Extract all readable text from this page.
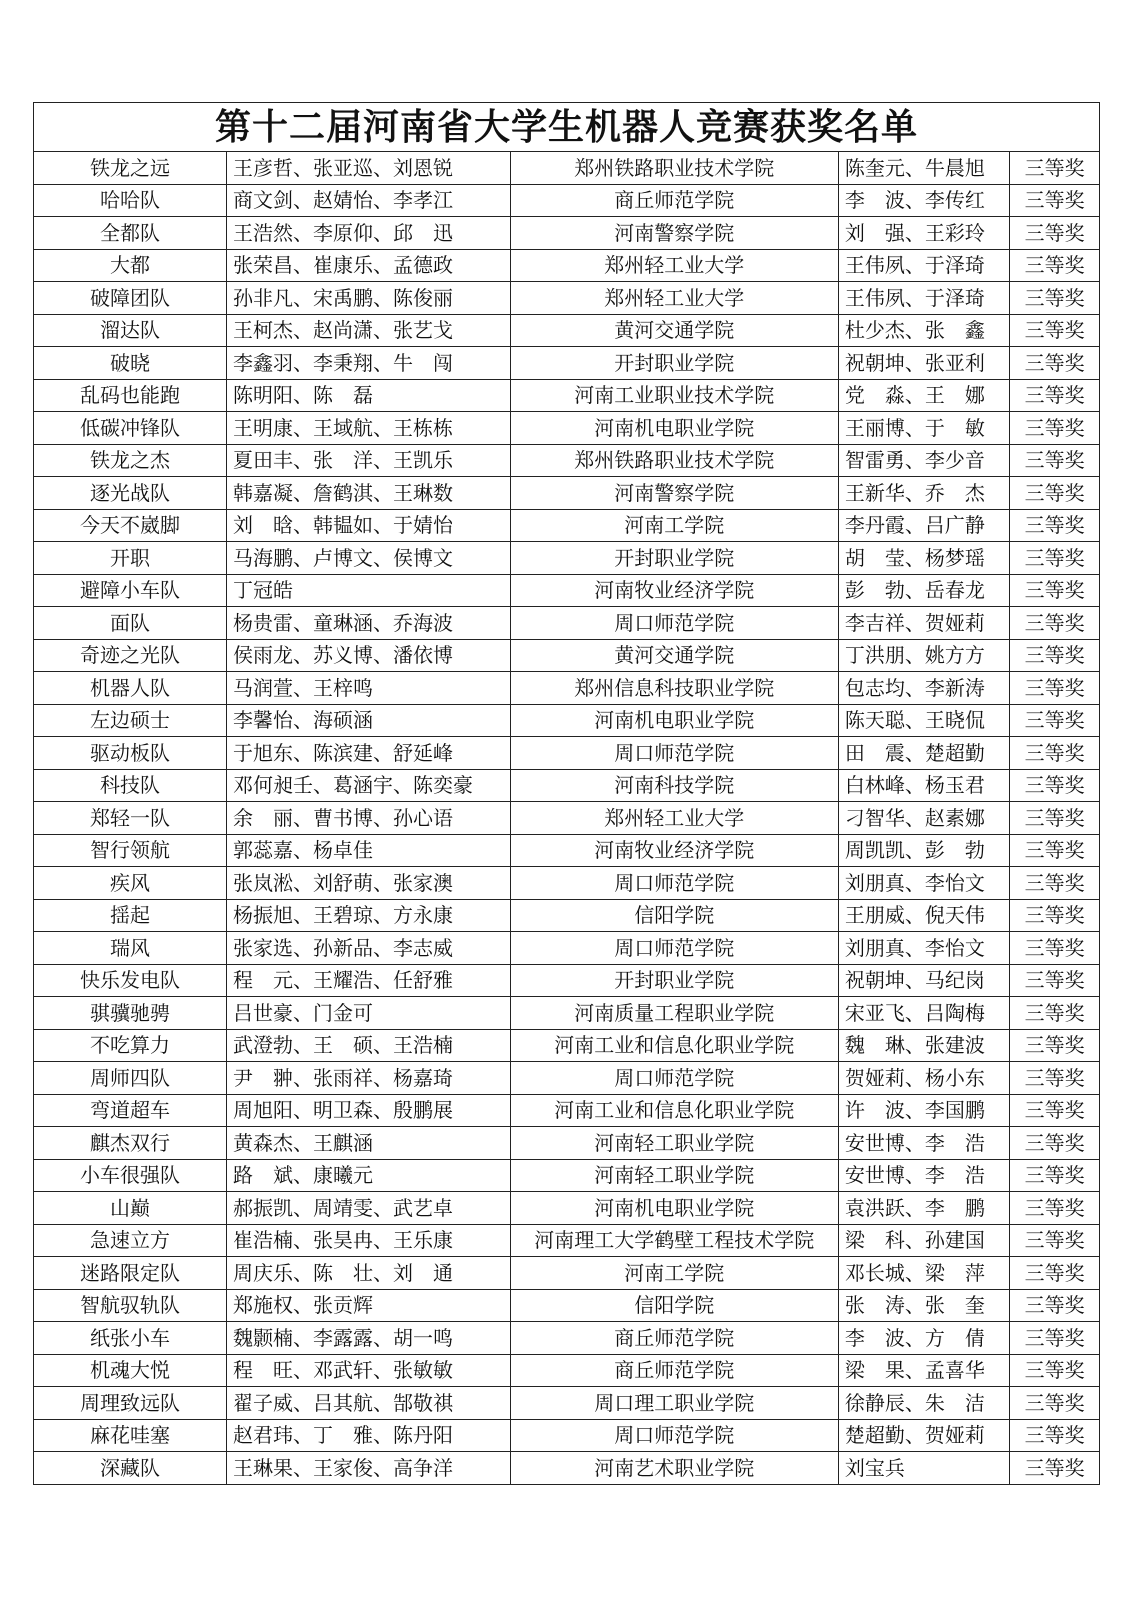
第十二届河南省大学生机器人竞赛获奖名单				
铁龙之远	王彦哲、张亚巡、刘恩锐	郑州铁路职业技术学院	陈奎元、牛晨旭	三等奖
哈哈队	商文剑、赵婧怡、李孝江	商丘师范学院	李　波、李传红	三等奖
全都队	王浩然、李原仰、邱　迅	河南警察学院	刘　强、王彩玲	三等奖
大都	张荣昌、崔康乐、孟德政	郑州轻工业大学	王伟夙、于泽琦	三等奖
破障团队	孙非凡、宋禹鹏、陈俊丽	郑州轻工业大学	王伟夙、于泽琦	三等奖
溜达队	王柯杰、赵尚潇、张艺戈	黄河交通学院	杜少杰、张　鑫	三等奖
破晓	李鑫羽、李秉翔、牛　闯	开封职业学院	祝朝坤、张亚利	三等奖
乱码也能跑	陈明阳、陈　磊	河南工业职业技术学院	党　淼、王　娜	三等奖
低碳冲锋队	王明康、王域航、王栋栋	河南机电职业学院	王丽博、于　敏	三等奖
铁龙之杰	夏田丰、张　洋、王凯乐	郑州铁路职业技术学院	智雷勇、李少音	三等奖
逐光战队	韩嘉凝、詹鹤淇、王琳数	河南警察学院	王新华、乔　杰	三等奖
今天不崴脚	刘　晗、韩韫如、于婧怡	河南工学院	李丹霞、吕广静	三等奖
开职	马海鹏、卢博文、侯博文	开封职业学院	胡　莹、杨梦瑶	三等奖
避障小车队	丁冠皓	河南牧业经济学院	彭　勃、岳春龙	三等奖
面队	杨贵雷、童琳涵、乔海波	周口师范学院	李吉祥、贺娅莉	三等奖
奇迹之光队	侯雨龙、苏义博、潘依博	黄河交通学院	丁洪朋、姚方方	三等奖
机器人队	马润萱、王梓鸣	郑州信息科技职业学院	包志均、李新涛	三等奖
左边硕士	李馨怡、海硕涵	河南机电职业学院	陈天聪、王晓侃	三等奖
驱动板队	于旭东、陈滨建、舒延峰	周口师范学院	田　震、楚超勤	三等奖
科技队	邓何昶壬、葛涵宇、陈奕豪	河南科技学院	白林峰、杨玉君	三等奖
郑轻一队	余　丽、曹书博、孙心语	郑州轻工业大学	刁智华、赵素娜	三等奖
智行领航	郭蕊嘉、杨卓佳	河南牧业经济学院	周凯凯、彭　勃	三等奖
疾风	张岚淞、刘舒萌、张家澳	周口师范学院	刘朋真、李怡文	三等奖
揺起	杨振旭、王碧琼、方永康	信阳学院	王朋威、倪天伟	三等奖
瑞风	张家选、孙新品、李志威	周口师范学院	刘朋真、李怡文	三等奖
快乐发电队	程　元、王耀浩、任舒雅	开封职业学院	祝朝坤、马纪岗	三等奖
骐骥驰骋	吕世豪、门金可	河南质量工程职业学院	宋亚飞、吕陶梅	三等奖
不吃算力	武澄勃、王　硕、王浩楠	河南工业和信息化职业学院	魏　琳、张建波	三等奖
周师四队	尹　翀、张雨祥、杨嘉琦	周口师范学院	贺娅莉、杨小东	三等奖
弯道超车	周旭阳、明卫森、殷鹏展	河南工业和信息化职业学院	许　波、李国鹏	三等奖
麒杰双行	黄森杰、王麒涵	河南轻工职业学院	安世博、李　浩	三等奖
小车很强队	路　斌、康曦元	河南轻工职业学院	安世博、李　浩	三等奖
山巅	郝振凯、周靖雯、武艺卓	河南机电职业学院	袁洪跃、李　鹏	三等奖
急速立方	崔浩楠、张昊冉、王乐康	河南理工大学鹤壁工程技术学院	梁　科、孙建国	三等奖
迷路限定队	周庆乐、陈　壮、刘　通	河南工学院	邓长城、梁　萍	三等奖
智航驭轨队	郑施权、张贡辉	信阳学院	张　涛、张　奎	三等奖
纸张小车	魏颢楠、李露露、胡一鸣	商丘师范学院	李　波、方　倩	三等奖
机魂大悦	程　旺、邓武轩、张敏敏	商丘师范学院	梁　果、孟喜华	三等奖
周理致远队	翟子威、吕其航、郜敬祺	周口理工职业学院	徐静辰、朱　洁	三等奖
麻花哇塞	赵君玮、丁　雅、陈丹阳	周口师范学院	楚超勤、贺娅莉	三等奖
深藏队	王琳果、王家俊、高争洋	河南艺术职业学院	刘宝兵	三等奖
